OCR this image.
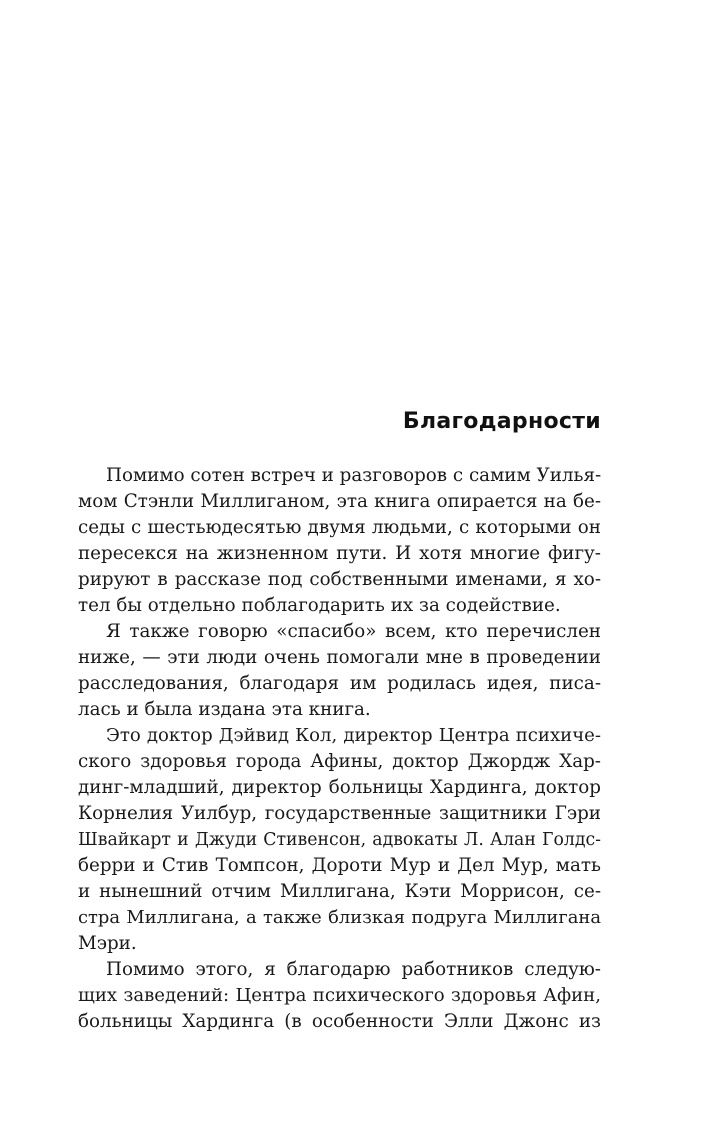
Благодарности
Помимо сотен встреч и разговоров с самим Уилья-
мом Стэнли Миллиганом, эта книга опирается на бе-
седы с шестьюдесятью двумя людьми, с которыми он
пересекся на жизненном пути. И хотя многие фигу-
рируют в рассказе под собственными именами, я хо-
тел бы отдельно поблагодарить их за содействие.
Я также говорю «спасибо» всем, кто перечислен
ниже, — эти люди очень помогали мне в проведении
расследования, благодаря им родилась идея, писа-
лась и была издана эта книга.
Это доктор Дэйвид Кол, директор Центра психиче-
ского здоровья города Афины, доктор Джордж Хар-
динг-младший, директор больницы Хардинга, доктор
Корнелия Уилбур, государственные защитники Гэри
Швайкарт и Джуди Стивенсон, адвокаты Л. Алан Голдс-
берри и Стив Томпсон, Дороти Мур и Дел Мур, мать
и нынешний отчим Миллигана, Кэти Моррисон, се-
стра Миллигана, а также близкая подруга Миллигана
Мэри.
Помимо этого, я благодарю работников следую-
щих заведений: Центра психического здоровья Афин,
больницы Хардинга (в особенности Элли Джонс из
